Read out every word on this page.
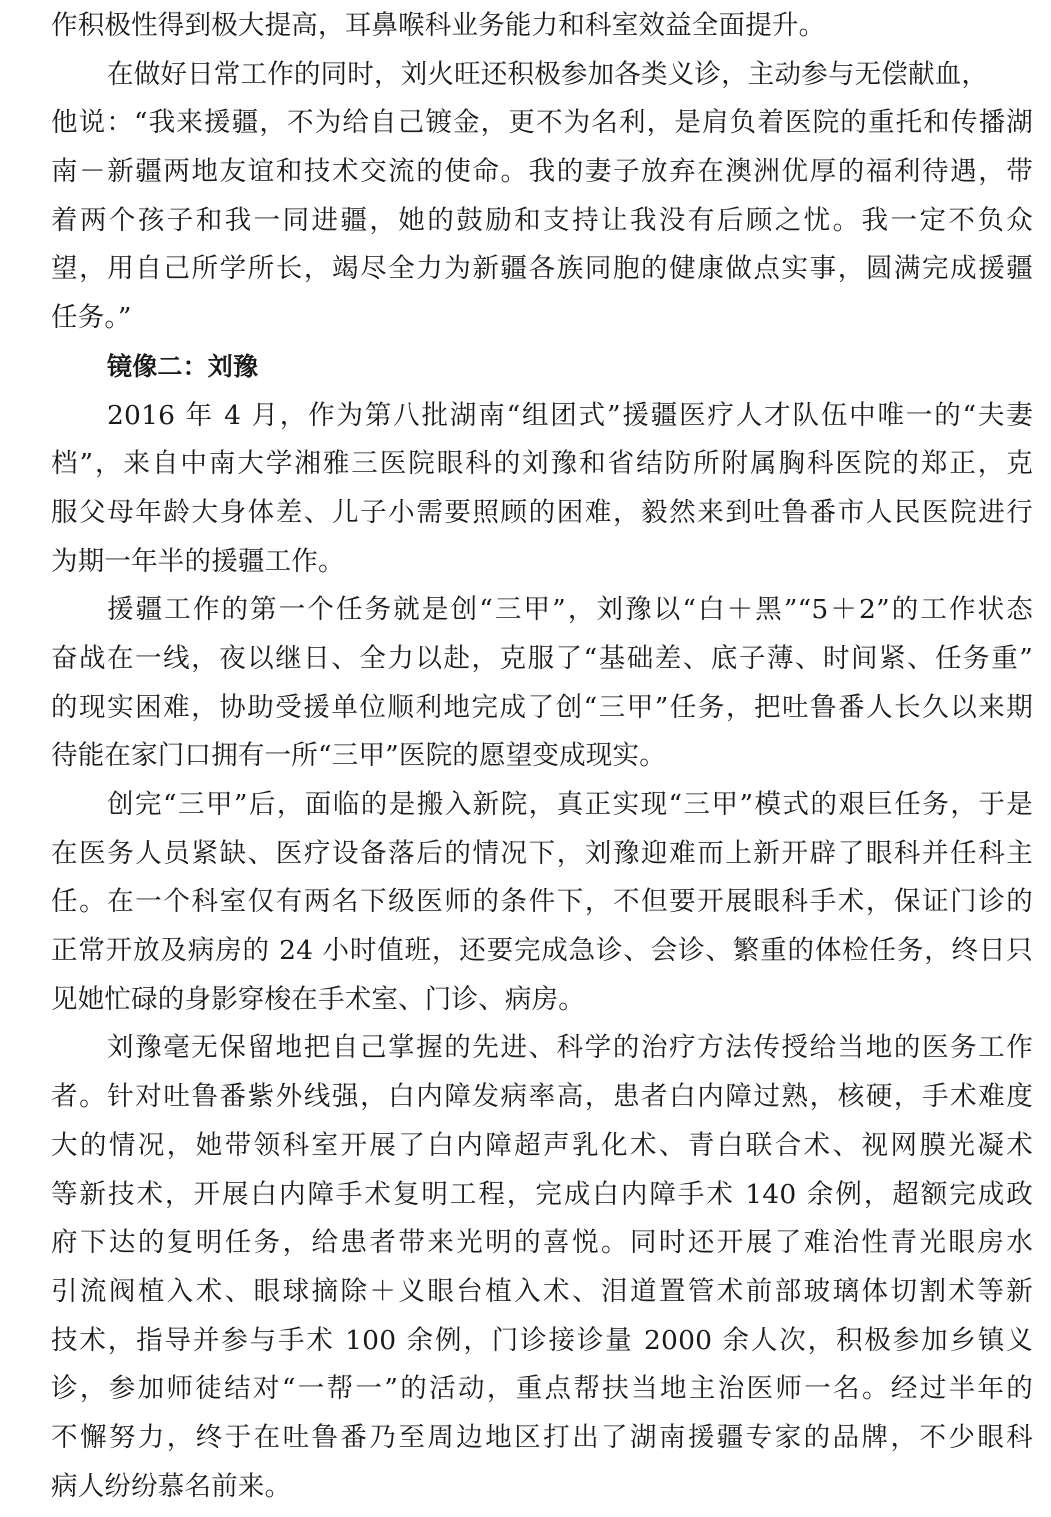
作积极性得到极大提高，耳鼻喉科业务能力和科室效益全面提升。
在做好日常工作的同时，刘火旺还积极参加各类义诊，主动参与无偿献血，
他说：“我来援疆，不为给自己镀金，更不为名利，是肩负着医院的重托和传播湖
南－新疆两地友谊和技术交流的使命。我的妻子放弃在澳洲优厚的福利待遇，带
着两个孩子和我一同进疆，她的鼓励和支持让我没有后顾之忧。我一定不负众
望，用自己所学所长，竭尽全力为新疆各族同胞的健康做点实事，圆满完成援疆
任务。”
镜像二：刘豫
2016 年 4 月，作为第八批湖南“组团式”援疆医疗人才队伍中唯一的“夫妻
档”，来自中南大学湘雅三医院眼科的刘豫和省结防所附属胸科医院的郑正，克
服父母年龄大身体差、儿子小需要照顾的困难，毅然来到吐鲁番市人民医院进行
为期一年半的援疆工作。
援疆工作的第一个任务就是创“三甲”，刘豫以“白＋黑”“5＋2”的工作状态
奋战在一线，夜以继日、全力以赴，克服了“基础差、底子薄、时间紧、任务重”
的现实困难，协助受援单位顺利地完成了创“三甲”任务，把吐鲁番人长久以来期
待能在家门口拥有一所“三甲”医院的愿望变成现实。
创完“三甲”后，面临的是搬入新院，真正实现“三甲”模式的艰巨任务，于是
在医务人员紧缺、医疗设备落后的情况下，刘豫迎难而上新开辟了眼科并任科主
任。在一个科室仅有两名下级医师的条件下，不但要开展眼科手术，保证门诊的
正常开放及病房的 24 小时值班，还要完成急诊、会诊、繁重的体检任务，终日只
见她忙碌的身影穿梭在手术室、门诊、病房。
刘豫毫无保留地把自己掌握的先进、科学的治疗方法传授给当地的医务工作
者。针对吐鲁番紫外线强，白内障发病率高，患者白内障过熟，核硬，手术难度
大的情况，她带领科室开展了白内障超声乳化术、青白联合术、视网膜光凝术
等新技术，开展白内障手术复明工程，完成白内障手术 140 余例，超额完成政
府下达的复明任务，给患者带来光明的喜悦。同时还开展了难治性青光眼房水
引流阀植入术、眼球摘除＋义眼台植入术、泪道置管术前部玻璃体切割术等新
技术，指导并参与手术 100 余例，门诊接诊量 2000 余人次，积极参加乡镇义
诊，参加师徒结对“一帮一”的活动，重点帮扶当地主治医师一名。经过半年的
不懈努力，终于在吐鲁番乃至周边地区打出了湖南援疆专家的品牌，不少眼科
病人纷纷慕名前来。
